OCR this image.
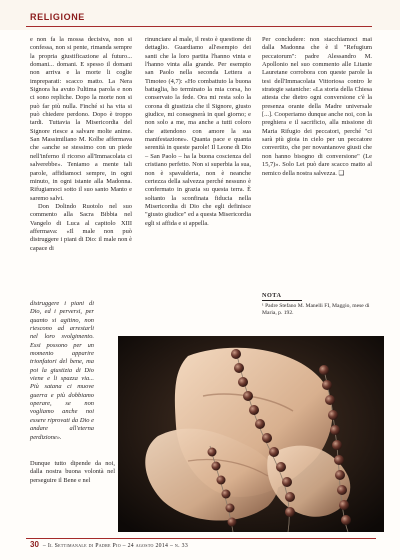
RELIGIONE

e non fa la mossa decisiva, non si confessa, non si pente, rimanda sempre la propria giustificazione al futuro... domani... domani. E spesso il domani non arriva e la morte li coglie impreparati: scacco matto. La Nera Signora ha avuto l'ultima parola e non ci sono repliche. Dopo la morte non si può far più nulla. Finché si ha vita si può chiedere perdono. Dopo è troppo tardi. Tuttavia la Misericordia del Signore riesce a salvare molte anime. San Massimiliano M. Kolbe affermava che «anche se stessimo con un piede nell'inferno il ricorso all'Immacolata ci salverebbe». Teniamo a mente tali parole, affidiamoci sempre, in ogni minuto, in ogni istante alla Madonna. Rifugiamoci sotto il suo santo Manto e saremo salvi.

Don Dolindo Ruotolo nel suo commento alla Sacra Bibbia nel Vangelo di Luca al capitolo XIII affermava: «Il male non può distruggere i piani di Dio: il male non è capace di

distruggere i piani di Dio, ed i perversi, per quanto si agitino, non riescono ad arrestarli nel loro svolgimento. Essi possono per un momento apparire trionfatori del bene, ma poi la giustizia di Dio viene e li spazza via... Più satana ci muove guerra e più dobbiamo operare, se non vogliamo anche noi essere riprovati da Dio e andare all'eterna perdizione».

Dunque tutto dipende da noi, dalla nostra buona volontà nel perseguire il Bene e nel

rinunciare al male, il resto è questione di dettaglio. Guardiamo all'esempio dei santi che la loro partita l'hanno vinta e l'hanno vinta alla grande. Per esempio san Paolo nella seconda Lettera a Timoteo (4,7): «Ho combattuto la buona battaglia, ho terminato la mia corsa, ho conservato la fede. Ora mi resta solo la corona di giustizia che il Signore, giusto giudice, mi consegnerà in quel giorno; e non solo a me, ma anche a tutti coloro che attendono con amore la sua manifestazione». Quanta pace e quanta serenità in queste parole! Il Leone di Dio – San Paolo – ha la buona coscienza del cristiano perfetto. Non si superbia la sua, non è spavalderia, non è neanche certezza della salvezza perché nessuno è confermato in grazia su questa terra. È soltanto la sconfinata fiducia nella Misericordia di Dio che egli definisce "giusto giudice" ed a questa Misericordia egli si affida e si appella.

Per concludere: non stacchiamoci mai dalla Madonna che è il "Refugium peccatorum": padre Alessandro M. Apollonio nel suo commento alle Litanie Lauretane corrobora con queste parole la tesi dell'Immacolata Vittoriosa contro le strategie sataniche: «La storia della Chiesa attesta che dietro ogni conversione c'è la presenza orante della Madre universale [...]. Cooperiamo dunque anche noi, con la preghiera e il sacrificio, alla missione di Maria Rifugio dei peccatori, perché "ci sarà più gioia in cielo per un peccatore convertito, che per novantanove giusti che non hanno bisogno di conversione" (Le 15,7)». Solo Lei può dare scacco matto al nemico della nostra salvezza. ❑

NOTA
¹ Padre Stefano M. Manelli FI, Maggio, mese di Maria, p. 192.
30 – Il Settimanale di Padre Pio – 24 agosto 2014 – n. 33
